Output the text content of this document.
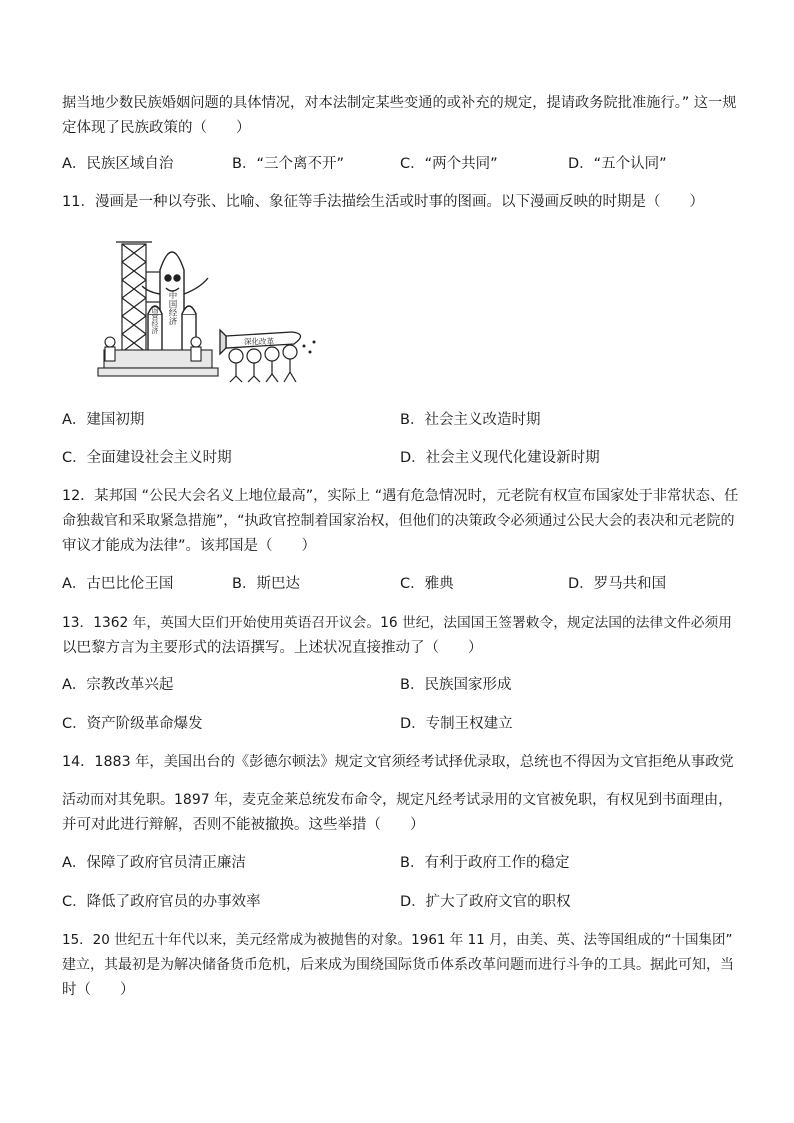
据当地少数民族婚姻问题的具体情况，对本法制定某些变通的或补充的规定，提请政务院批准施行。” 这一规
定体现了民族政策的（　　）
A．民族区域自治	B．“三个离不开”	C．“两个共同”	D．“五个认同”
11．漫画是一种以夸张、比喻、象征等手法描绘生活或时事的图画。以下漫画反映的时期是（　　）
中国经济
国营经济
深化改革
A．建国初期	B．社会主义改造时期
C．全面建设社会主义时期	D．社会主义现代化建设新时期
12．某邦国 “公民大会名义上地位最高”，实际上 “遇有危急情况时，元老院有权宣布国家处于非常状态、任
命独裁官和采取紧急措施”，“执政官控制着国家治权，但他们的决策政令必须通过公民大会的表决和元老院的
审议才能成为法律”。该邦国是（　　）
A．古巴比伦王国	B．斯巴达	C．雅典	D．罗马共和国
13．1362 年，英国大臣们开始使用英语召开议会。16 世纪，法国国王签署敕令，规定法国的法律文件必须用
以巴黎方言为主要形式的法语撰写。上述状况直接推动了（　　）
A．宗教改革兴起	B．民族国家形成
C．资产阶级革命爆发	D．专制王权建立
14．1883 年，美国出台的《彭德尔顿法》规定文官须经考试择优录取，总统也不得因为文官拒绝从事政党
活动而对其免职。1897 年，麦克金莱总统发布命令，规定凡经考试录用的文官被免职，有权见到书面理由，
并可对此进行辩解，否则不能被撤换。这些举措（　　）
A．保障了政府官员清正廉洁	B．有利于政府工作的稳定
C．降低了政府官员的办事效率	D．扩大了政府文官的职权
15．20 世纪五十年代以来，美元经常成为被抛售的对象。1961 年 11 月，由美、英、法等国组成的“十国集团”
建立，其最初是为解决储备货币危机，后来成为围绕国际货币体系改革问题而进行斗争的工具。据此可知，当
时（　　）
